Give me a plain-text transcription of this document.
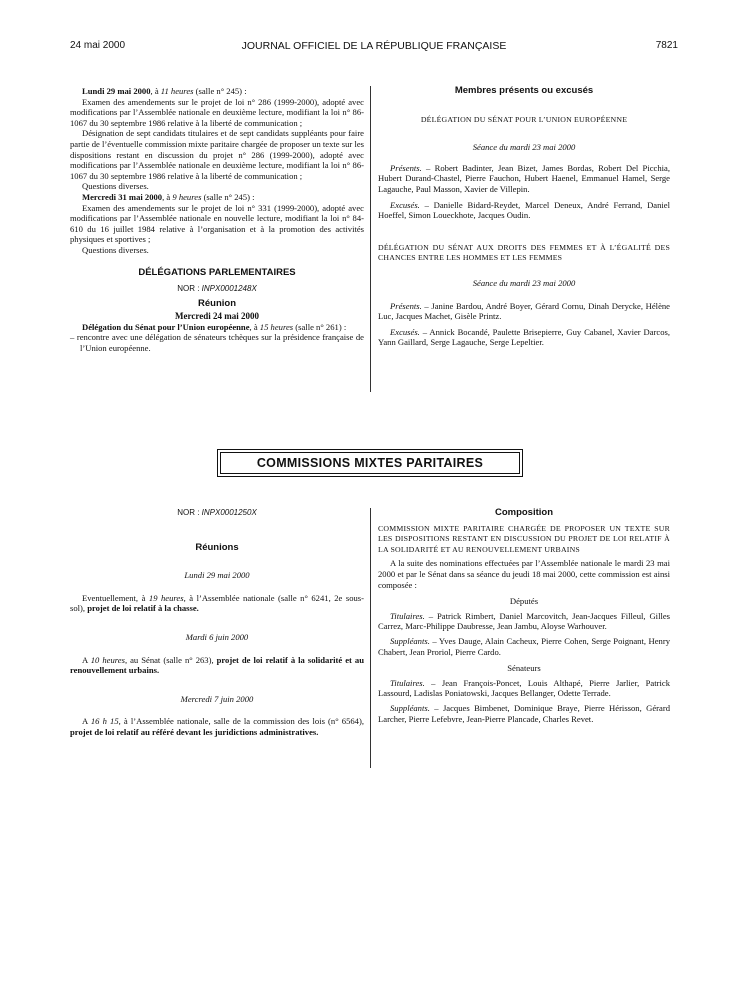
24 mai 2000	JOURNAL OFFICIEL DE LA RÉPUBLIQUE FRANÇAISE	7821

Lundi 29 mai 2000, à 11 heures (salle n° 245) :

Examen des amendements sur le projet de loi n° 286 (1999-2000), adopté avec modifications par l’Assemblée nationale en deuxième lecture, modifiant la loi n° 86-1067 du 30 septembre 1986 relative à la liberté de communication ;

Désignation de sept candidats titulaires et de sept candidats suppléants pour faire partie de l’éventuelle commission mixte paritaire chargée de proposer un texte sur les dispositions restant en discussion du projet n° 286 (1999-2000), adopté avec modifications par l’Assemblée nationale en deuxième lecture, modifiant la loi n° 86-1067 du 30 septembre 1986 relative à la liberté de communication ;

Questions diverses.

Mercredi 31 mai 2000, à 9 heures (salle n° 245) :

Examen des amendements sur le projet de loi n° 331 (1999-2000), adopté avec modifications par l’Assemblée nationale en nouvelle lecture, modifiant la loi n° 84-610 du 16 juillet 1984 relative à l’organisation et à la promotion des activités physiques et sportives ;

Questions diverses.

DÉLÉGATIONS PARLEMENTAIRES

NOR : INPX0001248X

Réunion

Mercredi 24 mai 2000

Délégation du Sénat pour l’Union européenne, à 15 heures (salle n° 261) :

– rencontre avec une délégation de sénateurs tchèques sur la présidence française de l’Union européenne.

Membres présents ou excusés

DÉLÉGATION DU SÉNAT POUR L’UNION EUROPÉENNE

Séance du mardi 23 mai 2000

Présents. – Robert Badinter, Jean Bizet, James Bordas, Robert Del Picchia, Hubert Durand-Chastel, Pierre Fauchon, Hubert Haenel, Emmanuel Hamel, Serge Lagauche, Paul Masson, Xavier de Villepin.

Excusés. – Danielle Bidard-Reydet, Marcel Deneux, André Ferrand, Daniel Hoeffel, Simon Loueckhote, Jacques Oudin.

DÉLÉGATION DU SÉNAT AUX DROITS DES FEMMES ET À L’ÉGALITÉ DES CHANCES ENTRE LES HOMMES ET LES FEMMES

Séance du mardi 23 mai 2000

Présents. – Janine Bardou, André Boyer, Gérard Cornu, Dinah Derycke, Hélène Luc, Jacques Machet, Gisèle Printz.

Excusés. – Annick Bocandé, Paulette Brisepierre, Guy Cabanel, Xavier Darcos, Yann Gaillard, Serge Lagauche, Serge Lepeltier.

COMMISSIONS MIXTES PARITAIRES

NOR : INPX0001250X

Réunions

Lundi 29 mai 2000

Eventuellement, à 19 heures, à l’Assemblée nationale (salle n° 6241, 2e sous-sol), projet de loi relatif à la chasse.

Mardi 6 juin 2000

A 10 heures, au Sénat (salle n° 263), projet de loi relatif à la solidarité et au renouvellement urbains.

Mercredi 7 juin 2000

A 16 h 15, à l’Assemblée nationale, salle de la commission des lois (n° 6564), projet de loi relatif au référé devant les juridictions administratives.

Composition

COMMISSION MIXTE PARITAIRE CHARGÉE DE PROPOSER UN TEXTE SUR LES DISPOSITIONS RESTANT EN DISCUSSION DU PROJET DE LOI RELATIF À LA SOLIDARITÉ ET AU RENOUVELLEMENT URBAINS

A la suite des nominations effectuées par l’Assemblée nationale le mardi 23 mai 2000 et par le Sénat dans sa séance du jeudi 18 mai 2000, cette commission est ainsi composée :

Députés

Titulaires. – Patrick Rimbert, Daniel Marcovitch, Jean-Jacques Filleul, Gilles Carrez, Marc-Philippe Daubresse, Jean Jambu, Aloyse Warhouver.

Suppléants. – Yves Dauge, Alain Cacheux, Pierre Cohen, Serge Poignant, Henry Chabert, Jean Proriol, Pierre Cardo.

Sénateurs

Titulaires. – Jean François-Poncet, Louis Althapé, Pierre Jarlier, Patrick Lassourd, Ladislas Poniatowski, Jacques Bellanger, Odette Terrade.

Suppléants. – Jacques Bimbenet, Dominique Braye, Pierre Hérisson, Gérard Larcher, Pierre Lefebvre, Jean-Pierre Plancade, Charles Revet.
